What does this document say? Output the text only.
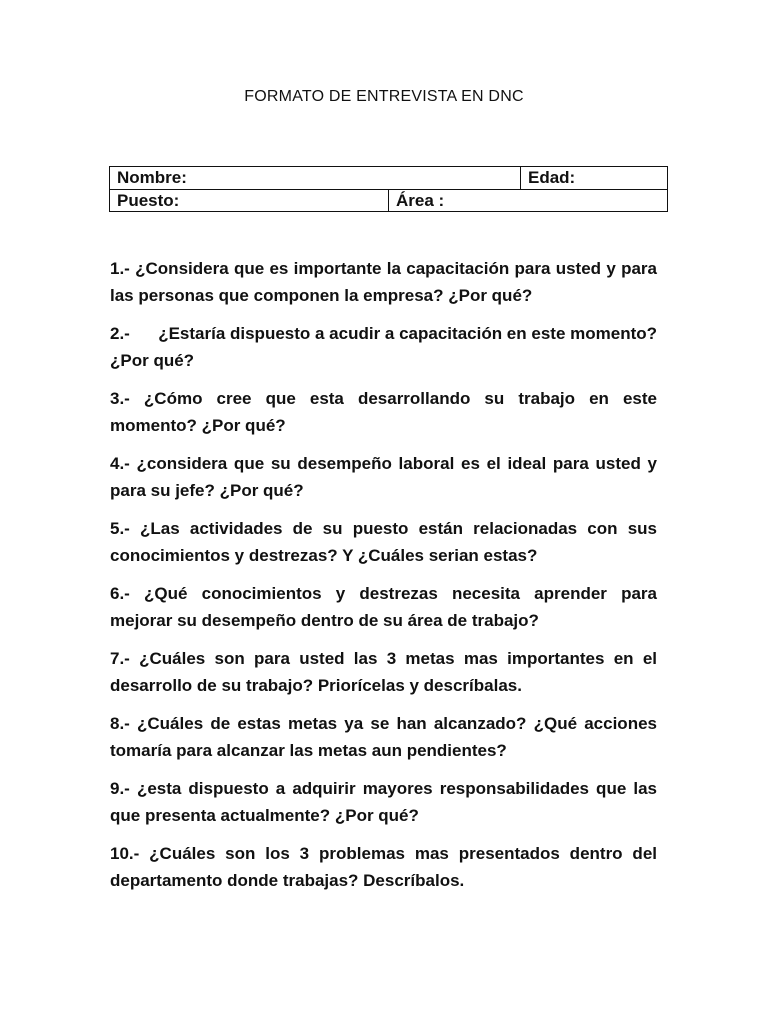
FORMATO DE ENTREVISTA EN DNC
Nombre:		Edad:
Puesto:	Área :	

1.- ¿Considera que es importante la capacitación para usted y para las personas que componen la empresa? ¿Por qué?

2.- ¿Estaría dispuesto a acudir a capacitación en este momento? ¿Por qué?

3.- ¿Cómo cree que esta desarrollando su trabajo en este momento? ¿Por qué?

4.- ¿considera que su desempeño laboral es el ideal para usted y para su jefe? ¿Por qué?

5.- ¿Las actividades de su puesto están relacionadas con sus conocimientos y destrezas? Y ¿Cuáles serian estas?

6.- ¿Qué conocimientos y destrezas necesita aprender para mejorar su desempeño dentro de su área de trabajo?

7.- ¿Cuáles son para usted las 3 metas mas importantes en el desarrollo de su trabajo? Priorícelas y descríbalas.

8.- ¿Cuáles de estas metas ya se han alcanzado? ¿Qué acciones tomaría para alcanzar las metas aun pendientes?

9.- ¿esta dispuesto a adquirir mayores responsabilidades que las que presenta actualmente? ¿Por qué?

10.- ¿Cuáles son los 3 problemas mas presentados dentro del departamento donde trabajas? Descríbalos.
